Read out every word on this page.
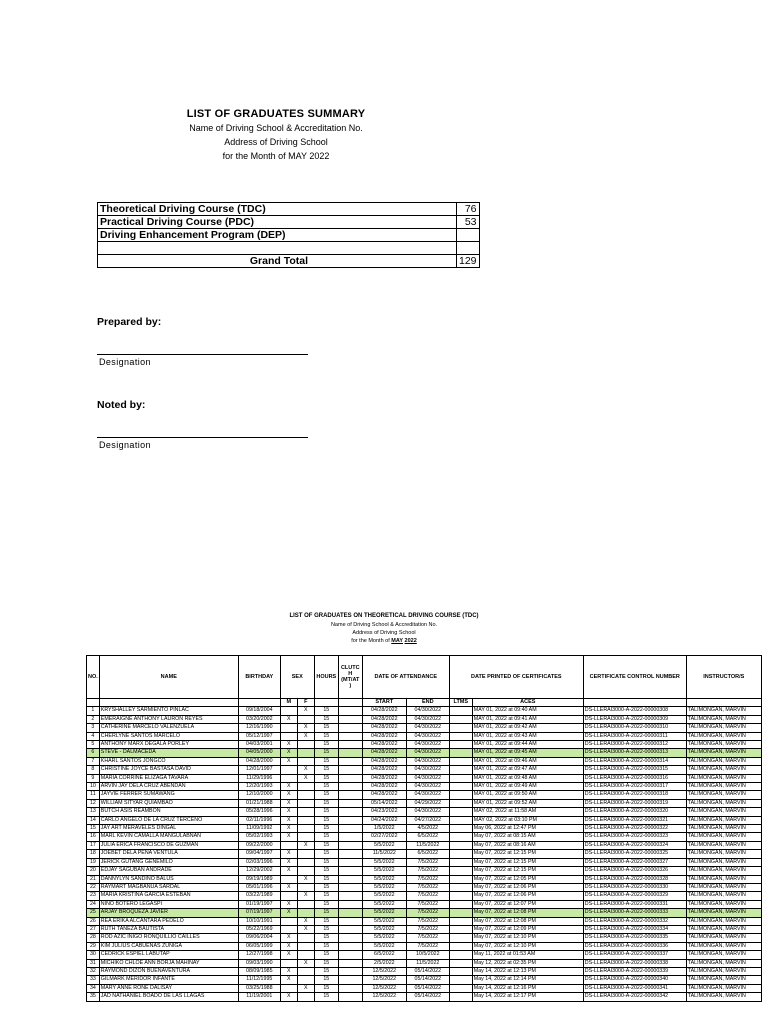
LIST OF GRADUATES SUMMARY
Name of Driving School & Accreditation No.
Address of Driving School
for the Month of MAY 2022
Theoretical Driving Course (TDC)		76
Practical Driving Course (PDC)		53
Driving Enhancement Program (DEP)		

Grand Total		129
Prepared by:
Designation
Noted by:
Designation
LIST OF GRADUATES ON THEORETICAL DRIVING COURSE (TDC)
Name of Driving School & Accreditation No.
Address of Driving School
for the Month of MAY 2022
NO.	NAME	BIRTHDAY	SEX		HOURS	CLUTC H (MT/AT )	DATE OF ATTENDANCE		DATE PRINTED OF CERTIFICATES		CERTIFICATE CONTROL NUMBER	INSTRUCTOR/S
			M	F			START	END	LTMS	ACES		
1	KRYSHALLEY SARMIENTO PINLAC	09/18/2004		X	15		04/28/2022	04/30/2022		MAY 01, 2022 at 09:40 AM	DS-LLERAI3000-A-2022-00000308	TALIMONGAN, MARVIN
2	EMERAIGNE ANTHONY LAURON REYES	03/20/2002	X		15		04/28/2022	04/30/2022		MAY 01, 2022 at 09:41 AM	DS-LLERAI3000-A-2022-00000309	TALIMONGAN, MARVIN
3	CATHERINE MARCELO VALENZUELA	12/16/1990		X	15		04/28/2022	04/30/2022		MAY 01, 2022 at 09:42 AM	DS-LLERAI3000-A-2022-00000310	TALIMONGAN, MARVIN
4	CHERLYNE SANTOS MARCELO	05/12/1997		X	15		04/28/2022	04/30/2022		MAY 01, 2022 at 09:43 AM	DS-LLERAI3000-A-2022-00000311	TALIMONGAN, MARVIN
5	ANTHONY MARX DEGALA PORLEY	04/03/2001	X		15		04/28/2022	04/30/2022		MAY 01, 2022 at 09:44 AM	DS-LLERAI3000-A-2022-00000312	TALIMONGAN, MARVIN
6	STEVE - DALMACEDA	04/05/2000	X		15		04/28/2022	04/30/2022		MAY 01, 2022 at 09:45 AM	DS-LLERAI3000-A-2022-00000313	TALIMONGAN, MARVIN
7	KHARL SANTOS JONGCO	04/28/2000	X		15		04/28/2022	04/30/2022		MAY 01, 2022 at 09:46 AM	DS-LLERAI3000-A-2022-00000314	TALIMONGAN, MARVIN
8	CHRISTINE JOYCE BASTASA DAVID	12/01/1997		X	15		04/28/2022	04/30/2022		MAY 01, 2022 at 09:47 AM	DS-LLERAI3000-A-2022-00000315	TALIMONGAN, MARVIN
9	MARIA CORRINE ELIZAGA TAVARA	11/29/1996		X	15		04/28/2022	04/30/2022		MAY 01, 2022 at 09:48 AM	DS-LLERAI3000-A-2022-00000316	TALIMONGAN, MARVIN
10	ARVIN JAY DELA CRUZ ABENDAN	12/20/1993	X		15		04/28/2022	04/30/2022		MAY 01, 2022 at 09:49 AM	DS-LLERAI3000-A-2022-00000317	TALIMONGAN, MARVIN
11	JAYVIE FERRER SUMAWANG	12/10/2000	X		15		04/28/2022	04/30/2022		MAY 01, 2022 at 09:50 AM	DS-LLERAI3000-A-2022-00000318	TALIMONGAN, MARVIN
12	WILLIAM SITYAR QUIAMBAO	01/21/1988	X		15		05/14/2022	04/29/2022		MAY 01, 2022 at 09:52 AM	DS-LLERAI3000-A-2022-00000319	TALIMONGAN, MARVIN
13	BUTCH ASIS REAMBON	05/28/1996	X		15		04/23/2022	04/30/2022		MAY 02, 2022 at 11:58 AM	DS-LLERAI3000-A-2022-00000320	TALIMONGAN, MARVIN
14	CARLO ANGELO DE LA CRUZ TERCENO	02/11/1996	X		15		04/24/2022	04/27/2022		MAY 02, 2022 at 03:10 PM	DS-LLERAI3000-A-2022-00000321	TALIMONGAN, MARVIN
15	JAY ART MERAVELES DINGAL	11/09/1992	X		15		1/5/2022	4/5/2022		May 06, 2022 at 12:47 PM	DS-LLERAI3000-A-2022-00000322	TALIMONGAN, MARVIN
16	MARL KEVIN CAMALLA MANGULABNAN	05/02/1993	X		15		02/27/2022	6/5/2022		May 07, 2022 at 08:15 AM	DS-LLERAI3000-A-2022-00000323	TALIMONGAN, MARVIN
17	JULIA ERICA FRANCISCO DE GUZMAN	09/22/2000		X	15		5/5/2022	11/5/2022		May 07, 2022 at 08:16 AM	DS-LLERAI3000-A-2022-00000324	TALIMONGAN, MARVIN
18	JOEBET DELA PENA VENTULA	09/04/1997	X		15		11/5/2022	6/5/2022		May 07, 2022 at 12:15 PM	DS-LLERAI3000-A-2022-00000325	TALIMONGAN, MARVIN
19	JERICK GUTANG GENEMILO	02/03/1996	X		15		5/5/2022	7/5/2022		May 07, 2022 at 12:15 PM	DS-LLERAI3000-A-2022-00000327	TALIMONGAN, MARVIN
20	EDJAY SAGUBAN ANDRADE	12/29/2002	X		15		5/5/2022	7/5/2022		May 07, 2022 at 12:15 PM	DS-LLERAI3000-A-2022-00000326	TALIMONGAN, MARVIN
21	DANNYLYN SANDINO BALUS	09/19/1989		X	15		5/5/2022	7/5/2022		May 07, 2022 at 12:05 PM	DS-LLERAI3000-A-2022-00000328	TALIMONGAN, MARVIN
22	RAYMART MAGBANUA SARDAL	05/01/1996	X		15		5/5/2022	7/5/2022		May 07, 2022 at 12:06 PM	DS-LLERAI3000-A-2022-00000330	TALIMONGAN, MARVIN
23	MARIA KRISTINA GARCIA ESTEBAN	03/22/1989		X	15		5/5/2022	7/5/2022		May 07, 2022 at 12:06 PM	DS-LLERAI3000-A-2022-00000329	TALIMONGAN, MARVIN
24	NINO BOTERO LEGASPI	01/19/1997	X		15		5/5/2022	7/5/2022		May 07, 2022 at 12:07 PM	DS-LLERAI3000-A-2022-00000331	TALIMONGAN, MARVIN
25	ARJAY BROQUEZA JAVIER	07/19/1997	X		15		5/5/2022	7/5/2022		May 07, 2022 at 12:08 PM	DS-LLERAI3000-A-2022-00000333	TALIMONGAN, MARVIN
26	REA ERIKA ALCANTARA PEDELO	10/10/1991		X	15		5/5/2022	7/5/2022		May 07, 2022 at 12:08 PM	DS-LLERAI3000-A-2022-00000332	TALIMONGAN, MARVIN
27	RUTH TANEZA BAUTISTA	05/22/1969		X	15		5/5/2022	7/5/2022		May 07, 2022 at 12:09 PM	DS-LLERAI3000-A-2022-00000334	TALIMONGAN, MARVIN
28	ROD AZIC INIGO RONQUILLIO CAILLES	09/06/2004	X		15		5/5/2022	7/5/2022		May 07, 2022 at 12:10 PM	DS-LLERAI3000-A-2022-00000335	TALIMONGAN, MARVIN
29	KIM JULIUS CABUENAS ZUNIGA	06/05/1999	X		15		5/5/2022	7/5/2022		May 07, 2022 at 12:10 PM	DS-LLERAI3000-A-2022-00000336	TALIMONGAN, MARVIN
30	CEDRICK ESPIEL LABUTAP	12/27/1998	X		15		6/5/2022	10/5/2022		May 11, 2022 at 01:53 AM	DS-LLERAI3000-A-2022-00000337	TALIMONGAN, MARVIN
31	MICHIKO CHLOE ANN BORJA MAHINAY	09/03/1990		X	15		2/5/2022	11/5/2022		May 12, 2022 at 02:35 PM	DS-LLERAI3000-A-2022-00000338	TALIMONGAN, MARVIN
32	RAYMOND DIZON BUENAVENTURA	08/09/1985	X		15		12/5/2022	05/14/2022		May 14, 2022 at 12:13 PM	DS-LLERAI3000-A-2022-00000339	TALIMONGAN, MARVIN
33	GILMARK MERIDOR INFANTE	11/12/1995	X		15		12/5/2022	05/14/2022		May 14, 2022 at 12:14 PM	DS-LLERAI3000-A-2022-00000340	TALIMONGAN, MARVIN
34	MARY ANNE RONE DALISAY	03/25/1988		X	15		12/5/2022	05/14/2022		May 14, 2022 at 12:16 PM	DS-LLERAI3000-A-2022-00000341	TALIMONGAN, MARVIN
35	JAD NATHANIEL BOADO DE LAS LLAGAS	11/19/2001	X		15		12/5/2022	05/14/2022		May 14, 2022 at 12:17 PM	DS-LLERAI3000-A-2022-00000342	TALIMONGAN, MARVIN
